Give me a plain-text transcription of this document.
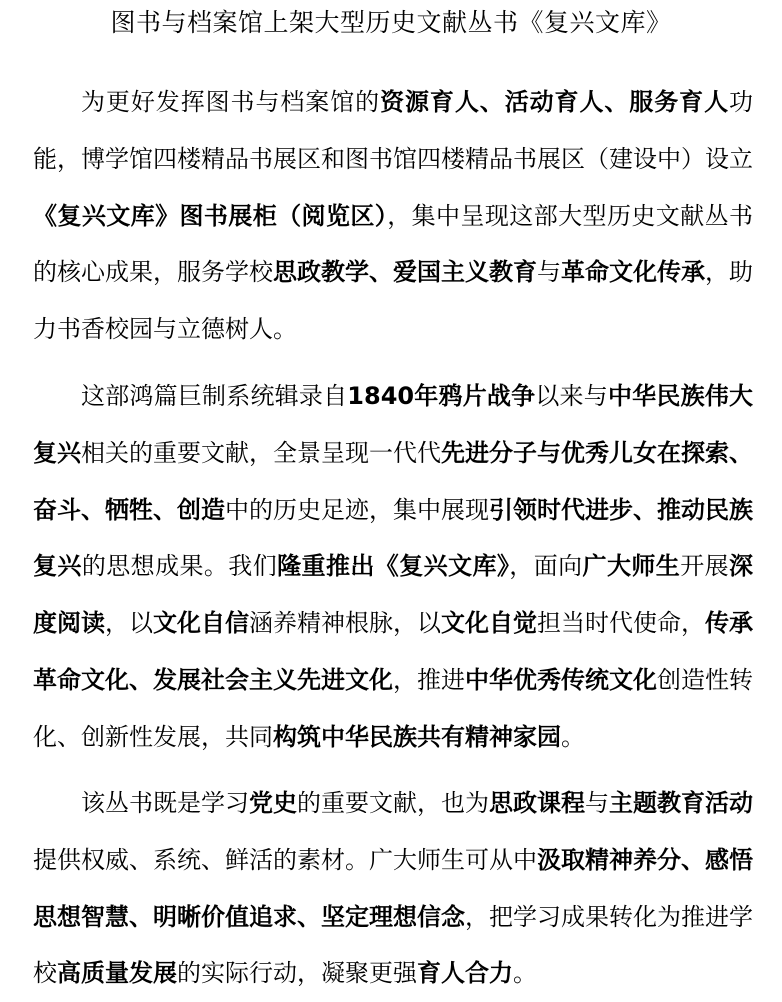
图书与档案馆上架大型历史文献丛书《复兴文库》

为更好发挥图书与档案馆的资源育人、活动育人、服务育人功能，博学馆四楼精品书展区和图书馆四楼精品书展区（建设中）设立《复兴文库》图书展柜（阅览区），集中呈现这部大型历史文献丛书的核心成果，服务学校思政教学、爱国主义教育与革命文化传承，助力书香校园与立德树人。

这部鸿篇巨制系统辑录自1840年鸦片战争以来与中华民族伟大复兴相关的重要文献，全景呈现一代代先进分子与优秀儿女在探索、奋斗、牺牲、创造中的历史足迹，集中展现引领时代进步、推动民族复兴的思想成果。我们隆重推出《复兴文库》，面向广大师生开展深度阅读，以文化自信涵养精神根脉，以文化自觉担当时代使命，传承革命文化、发展社会主义先进文化，推进中华优秀传统文化创造性转化、创新性发展，共同构筑中华民族共有精神家园。

该丛书既是学习党史的重要文献，也为思政课程与主题教育活动提供权威、系统、鲜活的素材。广大师生可从中汲取精神养分、感悟思想智慧、明晰价值追求、坚定理想信念，把学习成果转化为推进学校高质量发展的实际行动，凝聚更强育人合力。
